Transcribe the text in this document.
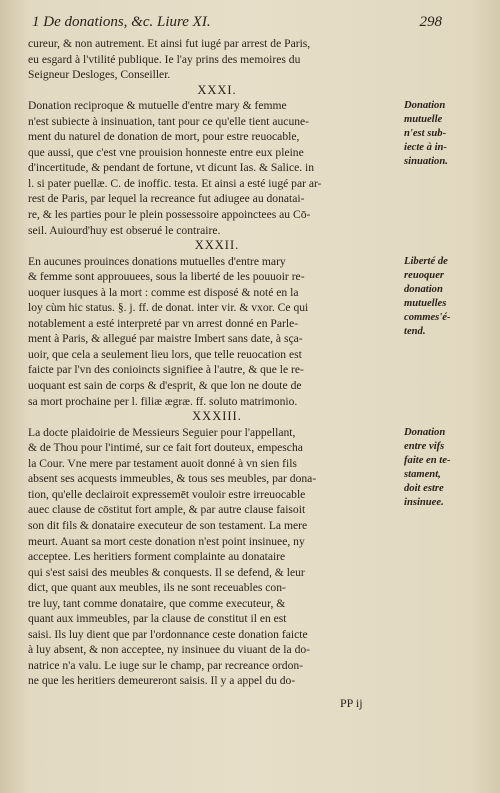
1 De donations, &c. Liure XI.	298
cureur, & non autrement. Et ainsi fut iugé par arrest de Paris,
eu esgard à l'vtilité publique. Ie l'ay prins des memoires du
Seigneur Desloges, Conseiller.
XXXI.
Donation reciproque & mutuelle d'entre mary & femme
n'est subiecte à insinuation, tant pour ce qu'elle tient aucune-
ment du naturel de donation de mort, pour estre reuocable,
que aussi, que c'est vne prouision honneste entre eux pleine
d'incertitude, & pendant de fortune, vt dicunt Ias. & Salice. in
l. si pater puellæ. C. de inoffic. testa. Et ainsi a esté iugé par ar-
rest de Paris, par lequel la recreance fut adiugee au donatai-
re, & les parties pour le plein possessoire appoinctees au Cō-
seil. Auiourd'huy est obserué le contraire.
XXXII.
En aucunes prouinces donations mutuelles d'entre mary
& femme sont approuuees, sous la liberté de les pouuoir re-
uoquer iusques à la mort : comme est disposé & noté en la
loy cùm hic status. §. j. ff. de donat. inter vir. & vxor. Ce qui
notablement a esté interpreté par vn arrest donné en Parle-
ment à Paris, & allegué par maistre Imbert sans date, à sça-
uoir, que cela a seulement lieu lors, que telle reuocation est
faicte par l'vn des conioincts signifiee à l'autre, & que le re-
uoquant est sain de corps & d'esprit, & que lon ne doute de
sa mort prochaine per l. filiæ ægræ. ff. soluto matrimonio.
XXXIII.
La docte plaidoirie de Messieurs Seguier pour l'appellant,
& de Thou pour l'intimé, sur ce fait fort douteux, empescha
la Cour. Vne mere par testament auoit donné à vn sien fils
absent ses acquests immeubles, & tous ses meubles, par dona-
tion, qu'elle declairoit expressemēt vouloir estre irreuocable
auec clause de cōstitut fort ample, & par autre clause faisoit
son dit fils & donataire executeur de son testament. La mere
meurt. Auant sa mort ceste donation n'est point insinuee, ny
acceptee. Les heritiers forment complainte au donataire
qui s'est saisi des meubles & conquests. Il se defend, & leur
dict, que quant aux meubles, ils ne sont receuables con-
tre luy, tant comme donataire, que comme executeur, &
quant aux immeubles, par la clause de constitut il en est
saisi. Ils luy dient que par l'ordonnance ceste donation faicte
à luy absent, & non acceptee, ny insinuee du viuant de la do-
natrice n'a valu. Le iuge sur le champ, par recreance ordon-
ne que les heritiers demeureront saisis. Il y a appel du do-
Donation
mutuelle
n'est sub-
iecte à in-
sinuation.
Liberté de
reuoquer
donation
mutuelles
commes'é-
tend.
Donation
entre vifs
faite en te-
stament,
doit estre
insinuee.
PP ij
